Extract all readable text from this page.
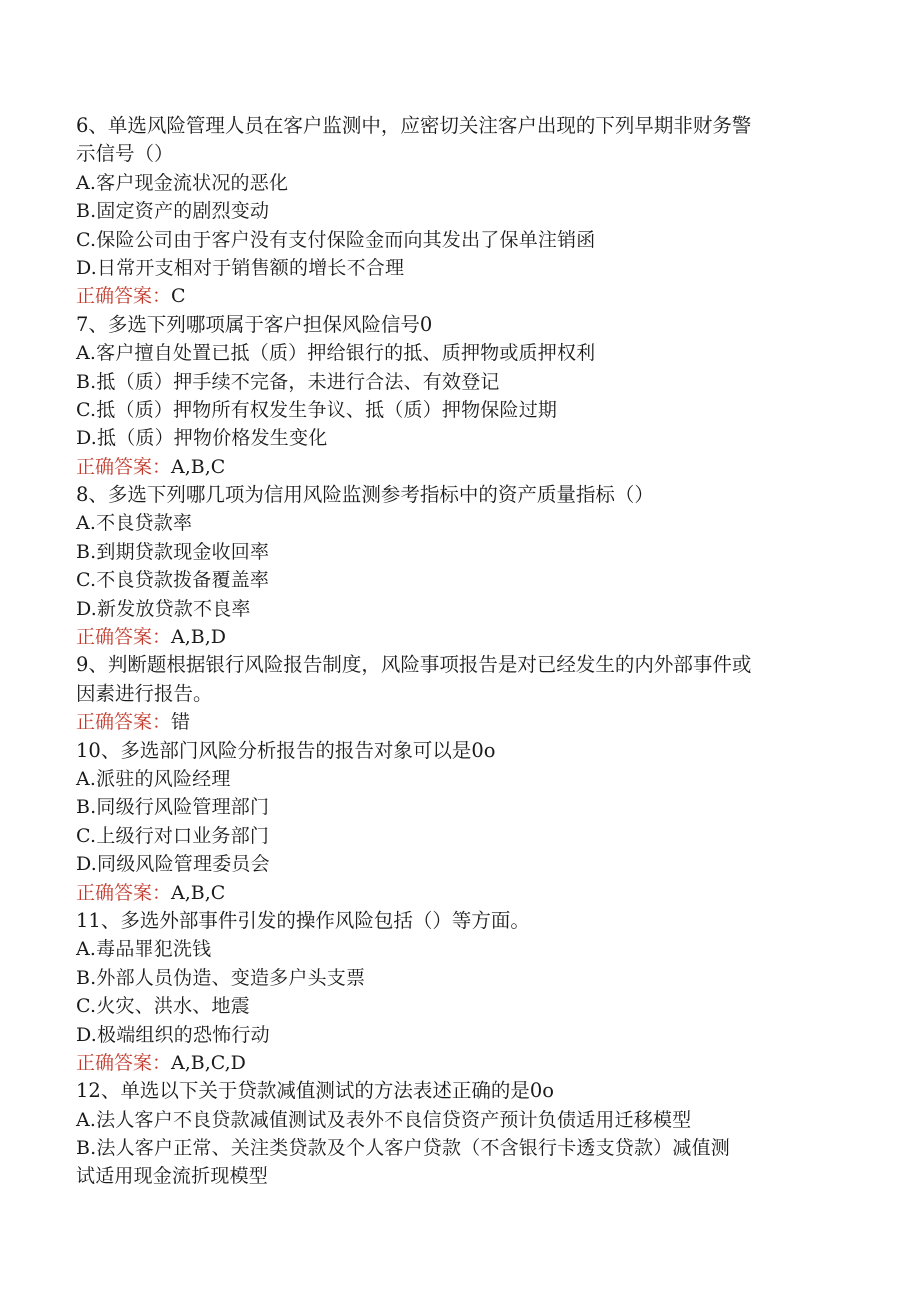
6、单选风险管理人员在客户监测中，应密切关注客户出现的下列早期非财务警
示信号（）
A.客户现金流状况的恶化
B.固定资产的剧烈变动
C.保险公司由于客户没有支付保险金而向其发出了保单注销函
D.日常开支相对于销售额的增长不合理
正确答案：C
7、多选下列哪项属于客户担保风险信号0
A.客户擅自处置已抵（质）押给银行的抵、质押物或质押权利
B.抵（质）押手续不完备，未进行合法、有效登记
C.抵（质）押物所有权发生争议、抵（质）押物保险过期
D.抵（质）押物价格发生变化
正确答案：A,B,C
8、多选下列哪几项为信用风险监测参考指标中的资产质量指标（）
A.不良贷款率
B.到期贷款现金收回率
C.不良贷款拨备覆盖率
D.新发放贷款不良率
正确答案：A,B,D
9、判断题根据银行风险报告制度，风险事项报告是对已经发生的内外部事件或
因素进行报告。
正确答案：错
10、多选部门风险分析报告的报告对象可以是0o
A.派驻的风险经理
B.同级行风险管理部门
C.上级行对口业务部门
D.同级风险管理委员会
正确答案：A,B,C
11、多选外部事件引发的操作风险包括（）等方面。
A.毒品罪犯洗钱
B.外部人员伪造、变造多户头支票
C.火灾、洪水、地震
D.极端组织的恐怖行动
正确答案：A,B,C,D
12、单选以下关于贷款减值测试的方法表述正确的是0o
A.法人客户不良贷款减值测试及表外不良信贷资产预计负债适用迁移模型
B.法人客户正常、关注类贷款及个人客户贷款（不含银行卡透支贷款）减值测
试适用现金流折现模型
